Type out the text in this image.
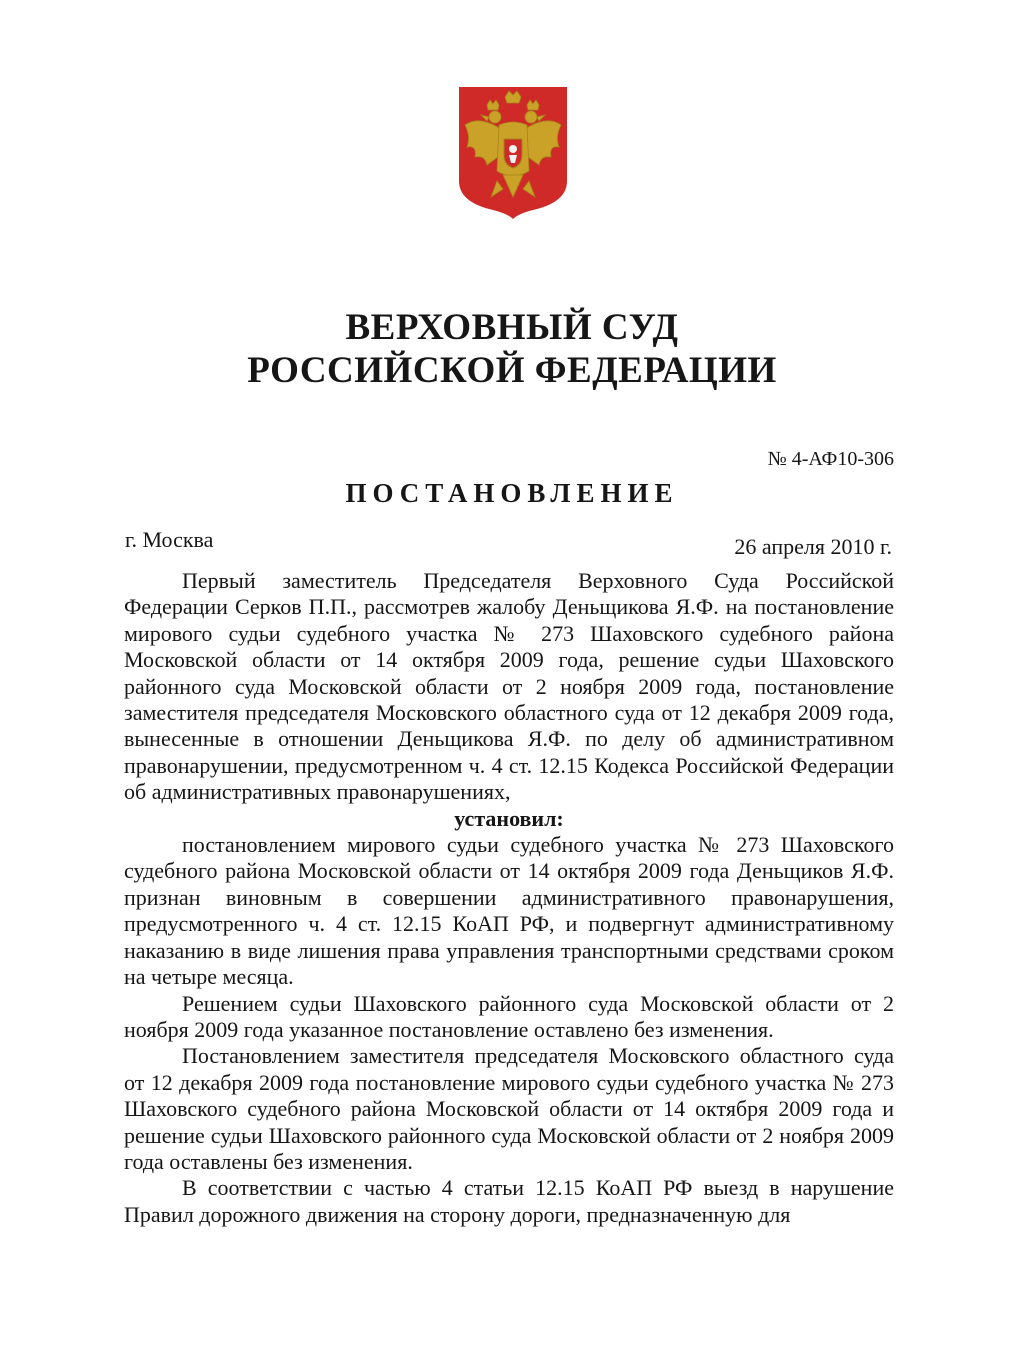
ВЕРХОВНЫЙ СУД
РОССИЙСКОЙ ФЕДЕРАЦИИ
№ 4-АФ10-306
ПОСТАНОВЛЕНИЕ
г. Москва	26 апреля 2010 г.

Первый заместитель Председателя Верховного Суда Российской Федерации Серков П.П., рассмотрев жалобу Деньщикова Я.Ф. на постановление мирового судьи судебного участка № 273 Шаховского судебного района Московской области от 14 октября 2009 года, решение судьи Шаховского районного суда Московской области от 2 ноября 2009 года, постановление заместителя председателя Московского областного суда от 12 декабря 2009 года, вынесенные в отношении Деньщикова Я.Ф. по делу об административном правонарушении, предусмотренном ч. 4 ст. 12.15 Кодекса Российской Федерации об административных правонарушениях,

установил:

постановлением мирового судьи судебного участка № 273 Шаховского судебного района Московской области от 14 октября 2009 года Деньщиков Я.Ф. признан виновным в совершении административного правонарушения, предусмотренного ч. 4 ст. 12.15 КоАП РФ, и подвергнут административному наказанию в виде лишения права управления транспортными средствами сроком на четыре месяца.

Решением судьи Шаховского районного суда Московской области от 2 ноября 2009 года указанное постановление оставлено без изменения.

Постановлением заместителя председателя Московского областного суда от 12 декабря 2009 года постановление мирового судьи судебного участка № 273 Шаховского судебного района Московской области от 14 октября 2009 года и решение судьи Шаховского районного суда Московской области от 2 ноября 2009 года оставлены без изменения.

В соответствии с частью 4 статьи 12.15 КоАП РФ выезд в нарушение Правил дорожного движения на сторону дороги, предназначенную для
